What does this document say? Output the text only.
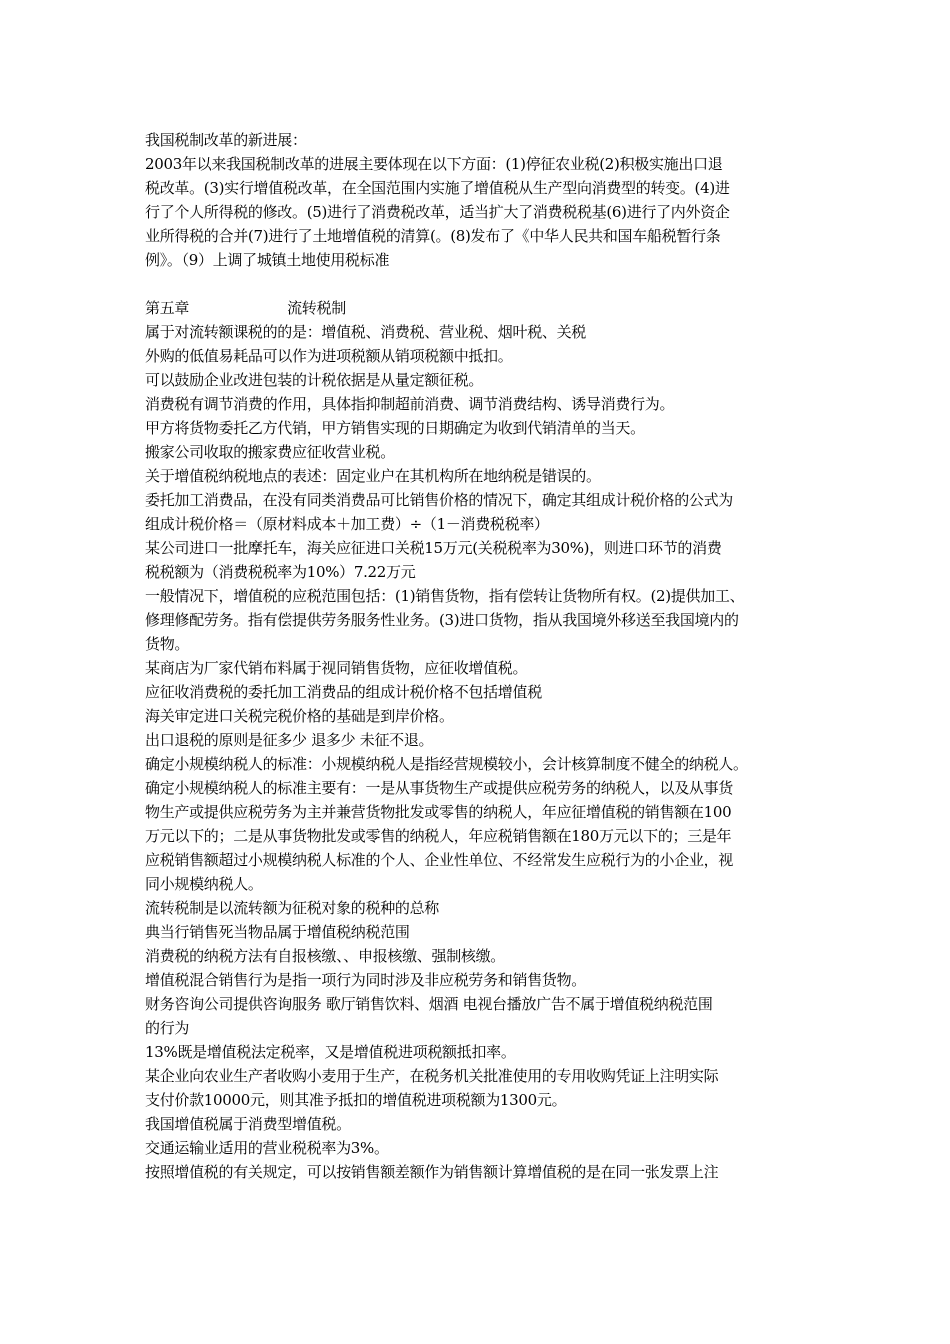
我国税制改革的新进展：
2003年以来我国税制改革的进展主要体现在以下方面：(1)停征农业税(2)积极实施出口退
税改革。(3)实行增值税改革，在全国范围内实施了增值税从生产型向消费型的转变。(4)进
行了个人所得税的修改。(5)进行了消费税改革，适当扩大了消费税税基(6)进行了内外资企
业所得税的合并(7)进行了土地增值税的清算(。(8)发布了《中华人民共和国车船税暂行条
例》。（9）上调了城镇土地使用税标准
第五章	流转税制
属于对流转额课税的的是：增值税、消费税、营业税、烟叶税、关税
外购的低值易耗品可以作为进项税额从销项税额中抵扣。
可以鼓励企业改进包装的计税依据是从量定额征税。
消费税有调节消费的作用，具体指抑制超前消费、调节消费结构、诱导消费行为。
甲方将货物委托乙方代销，甲方销售实现的日期确定为收到代销清单的当天。
搬家公司收取的搬家费应征收营业税。
关于增值税纳税地点的表述：固定业户在其机构所在地纳税是错误的。
委托加工消费品，在没有同类消费品可比销售价格的情况下，确定其组成计税价格的公式为
组成计税价格＝（原材料成本＋加工费）÷（1－消费税税率）
某公司进口一批摩托车，海关应征进口关税15万元(关税税率为30%)，则进口环节的消费
税税额为（消费税税率为10%）7.22万元
一般情况下，增值税的应税范围包括：(1)销售货物，指有偿转让货物所有权。(2)提供加工、
修理修配劳务。指有偿提供劳务服务性业务。(3)进口货物，指从我国境外移送至我国境内的
货物。
某商店为厂家代销布料属于视同销售货物，应征收增值税。
应征收消费税的委托加工消费品的组成计税价格不包括增值税
海关审定进口关税完税价格的基础是到岸价格。
出口退税的原则是征多少 退多少 未征不退。
确定小规模纳税人的标准：小规模纳税人是指经营规模较小，会计核算制度不健全的纳税人。
确定小规模纳税人的标准主要有：一是从事货物生产或提供应税劳务的纳税人，以及从事货
物生产或提供应税劳务为主并兼营货物批发或零售的纳税人，年应征增值税的销售额在100
万元以下的；二是从事货物批发或零售的纳税人，年应税销售额在180万元以下的；三是年
应税销售额超过小规模纳税人标准的个人、企业性单位、不经常发生应税行为的小企业，视
同小规模纳税人。
流转税制是以流转额为征税对象的税种的总称
典当行销售死当物品属于增值税纳税范围
消费税的纳税方法有自报核缴、、申报核缴、强制核缴。
增值税混合销售行为是指一项行为同时涉及非应税劳务和销售货物。
财务咨询公司提供咨询服务 歌厅销售饮料、烟酒 电视台播放广告不属于增值税纳税范围
的行为
13%既是增值税法定税率，又是增值税进项税额抵扣率。
某企业向农业生产者收购小麦用于生产，在税务机关批准使用的专用收购凭证上注明实际
支付价款10000元，则其准予抵扣的增值税进项税额为1300元。
我国增值税属于消费型增值税。
交通运输业适用的营业税税率为3%。
按照增值税的有关规定，可以按销售额差额作为销售额计算增值税的是在同一张发票上注
